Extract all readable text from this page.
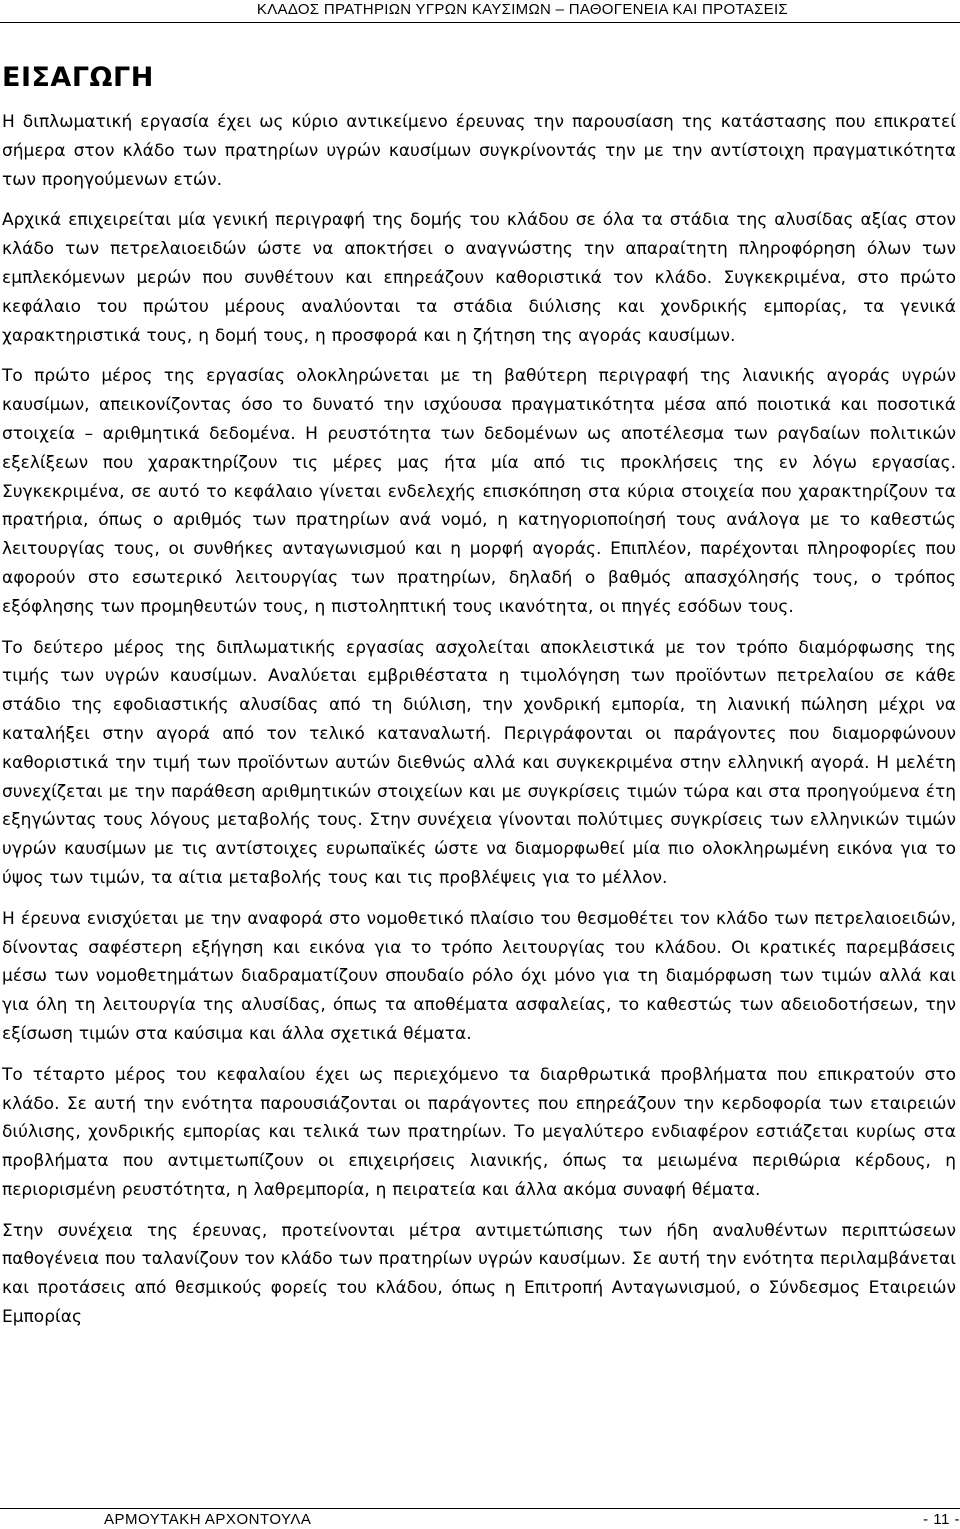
ΚΛΑΔΟΣ ΠΡΑΤΗΡΙΩΝ ΥΓΡΩΝ ΚΑΥΣΙΜΩΝ – ΠΑΘΟΓΕΝΕΙΑ ΚΑΙ ΠΡΟΤΑΣΕΙΣ
ΕΙΣΑΓΩΓΗ

Η διπλωματική εργασία έχει ως κύριο αντικείμενο έρευνας την παρουσίαση της κατάστασης που επικρατεί σήμερα στον κλάδο των πρατηρίων υγρών καυσίμων συγκρίνοντάς την με την αντίστοιχη πραγματικότητα των προηγούμενων ετών.

Αρχικά επιχειρείται μία γενική περιγραφή της δομής του κλάδου σε όλα τα στάδια της αλυσίδας αξίας στον κλάδο των πετρελαιοειδών ώστε να αποκτήσει ο αναγνώστης την απαραίτητη πληροφόρηση όλων των εμπλεκόμενων μερών που συνθέτουν και επηρεάζουν καθοριστικά τον κλάδο. Συγκεκριμένα, στο πρώτο κεφάλαιο του πρώτου μέρους αναλύονται τα στάδια διύλισης και χονδρικής εμπορίας, τα γενικά χαρακτηριστικά τους, η δομή τους, η προσφορά και η ζήτηση της αγοράς καυσίμων.

Το πρώτο μέρος της εργασίας ολοκληρώνεται με τη βαθύτερη περιγραφή της λιανικής αγοράς υγρών καυσίμων, απεικονίζοντας όσο το δυνατό την ισχύουσα πραγματικότητα μέσα από ποιοτικά και ποσοτικά στοιχεία – αριθμητικά δεδομένα. Η ρευστότητα των δεδομένων ως αποτέλεσμα των ραγδαίων πολιτικών εξελίξεων που χαρακτηρίζουν τις μέρες μας ήτα μία από τις προκλήσεις της εν λόγω εργασίας. Συγκεκριμένα, σε αυτό το κεφάλαιο γίνεται ενδελεχής επισκόπηση στα κύρια στοιχεία που χαρακτηρίζουν τα πρατήρια, όπως ο αριθμός των πρατηρίων ανά νομό, η κατηγοριοποίησή τους ανάλογα με το καθεστώς λειτουργίας τους, οι συνθήκες ανταγωνισμού και η μορφή αγοράς. Επιπλέον, παρέχονται πληροφορίες που αφορούν στο εσωτερικό λειτουργίας των πρατηρίων, δηλαδή ο βαθμός απασχόλησής τους, ο τρόπος εξόφλησης των προμηθευτών τους, η πιστοληπτική τους ικανότητα, οι πηγές εσόδων τους.

Το δεύτερο μέρος της διπλωματικής εργασίας ασχολείται αποκλειστικά με τον τρόπο διαμόρφωσης της τιμής των υγρών καυσίμων. Αναλύεται εμβριθέστατα η τιμολόγηση των προϊόντων πετρελαίου σε κάθε στάδιο της εφοδιαστικής αλυσίδας από τη διύλιση, την χονδρική εμπορία, τη λιανική πώληση μέχρι να καταλήξει στην αγορά από τον τελικό καταναλωτή. Περιγράφονται οι παράγοντες που διαμορφώνουν καθοριστικά την τιμή των προϊόντων αυτών διεθνώς αλλά και συγκεκριμένα στην ελληνική αγορά. Η μελέτη συνεχίζεται με την παράθεση αριθμητικών στοιχείων και με συγκρίσεις τιμών τώρα και στα προηγούμενα έτη εξηγώντας τους λόγους μεταβολής τους. Στην συνέχεια γίνονται πολύτιμες συγκρίσεις των ελληνικών τιμών υγρών καυσίμων με τις αντίστοιχες ευρωπαϊκές ώστε να διαμορφωθεί μία πιο ολοκληρωμένη εικόνα για το ύψος των τιμών, τα αίτια μεταβολής τους και τις προβλέψεις για το μέλλον.

Η έρευνα ενισχύεται με την αναφορά στο νομοθετικό πλαίσιο του θεσμοθέτει τον κλάδο των πετρελαιοειδών, δίνοντας σαφέστερη εξήγηση και εικόνα για το τρόπο λειτουργίας του κλάδου. Οι κρατικές παρεμβάσεις μέσω των νομοθετημάτων διαδραματίζουν σπουδαίο ρόλο όχι μόνο για τη διαμόρφωση των τιμών αλλά και για όλη τη λειτουργία της αλυσίδας, όπως τα αποθέματα ασφαλείας, το καθεστώς των αδειοδοτήσεων, την εξίσωση τιμών στα καύσιμα και άλλα σχετικά θέματα.

Το τέταρτο μέρος του κεφαλαίου έχει ως περιεχόμενο τα διαρθρωτικά προβλήματα που επικρατούν στο κλάδο. Σε αυτή την ενότητα παρουσιάζονται οι παράγοντες που επηρεάζουν την κερδοφορία των εταιρειών διύλισης, χονδρικής εμπορίας και τελικά των πρατηρίων. Το μεγαλύτερο ενδιαφέρον εστιάζεται κυρίως στα προβλήματα που αντιμετωπίζουν οι επιχειρήσεις λιανικής, όπως τα μειωμένα περιθώρια κέρδους, η περιορισμένη ρευστότητα, η λαθρεμπορία, η πειρατεία και άλλα ακόμα συναφή θέματα.

Στην συνέχεια της έρευνας, προτείνονται μέτρα αντιμετώπισης των ήδη αναλυθέντων περιπτώσεων παθογένεια που ταλανίζουν τον κλάδο των πρατηρίων υγρών καυσίμων. Σε αυτή την ενότητα περιλαμβάνεται και προτάσεις από θεσμικούς φορείς του κλάδου, όπως η Επιτροπή Ανταγωνισμού, ο Σύνδεσμος Εταιρειών Εμπορίας

ΑΡΜΟΥΤΑΚΗ ΑΡΧΟΝΤΟΥΛΑ	- 11 -
